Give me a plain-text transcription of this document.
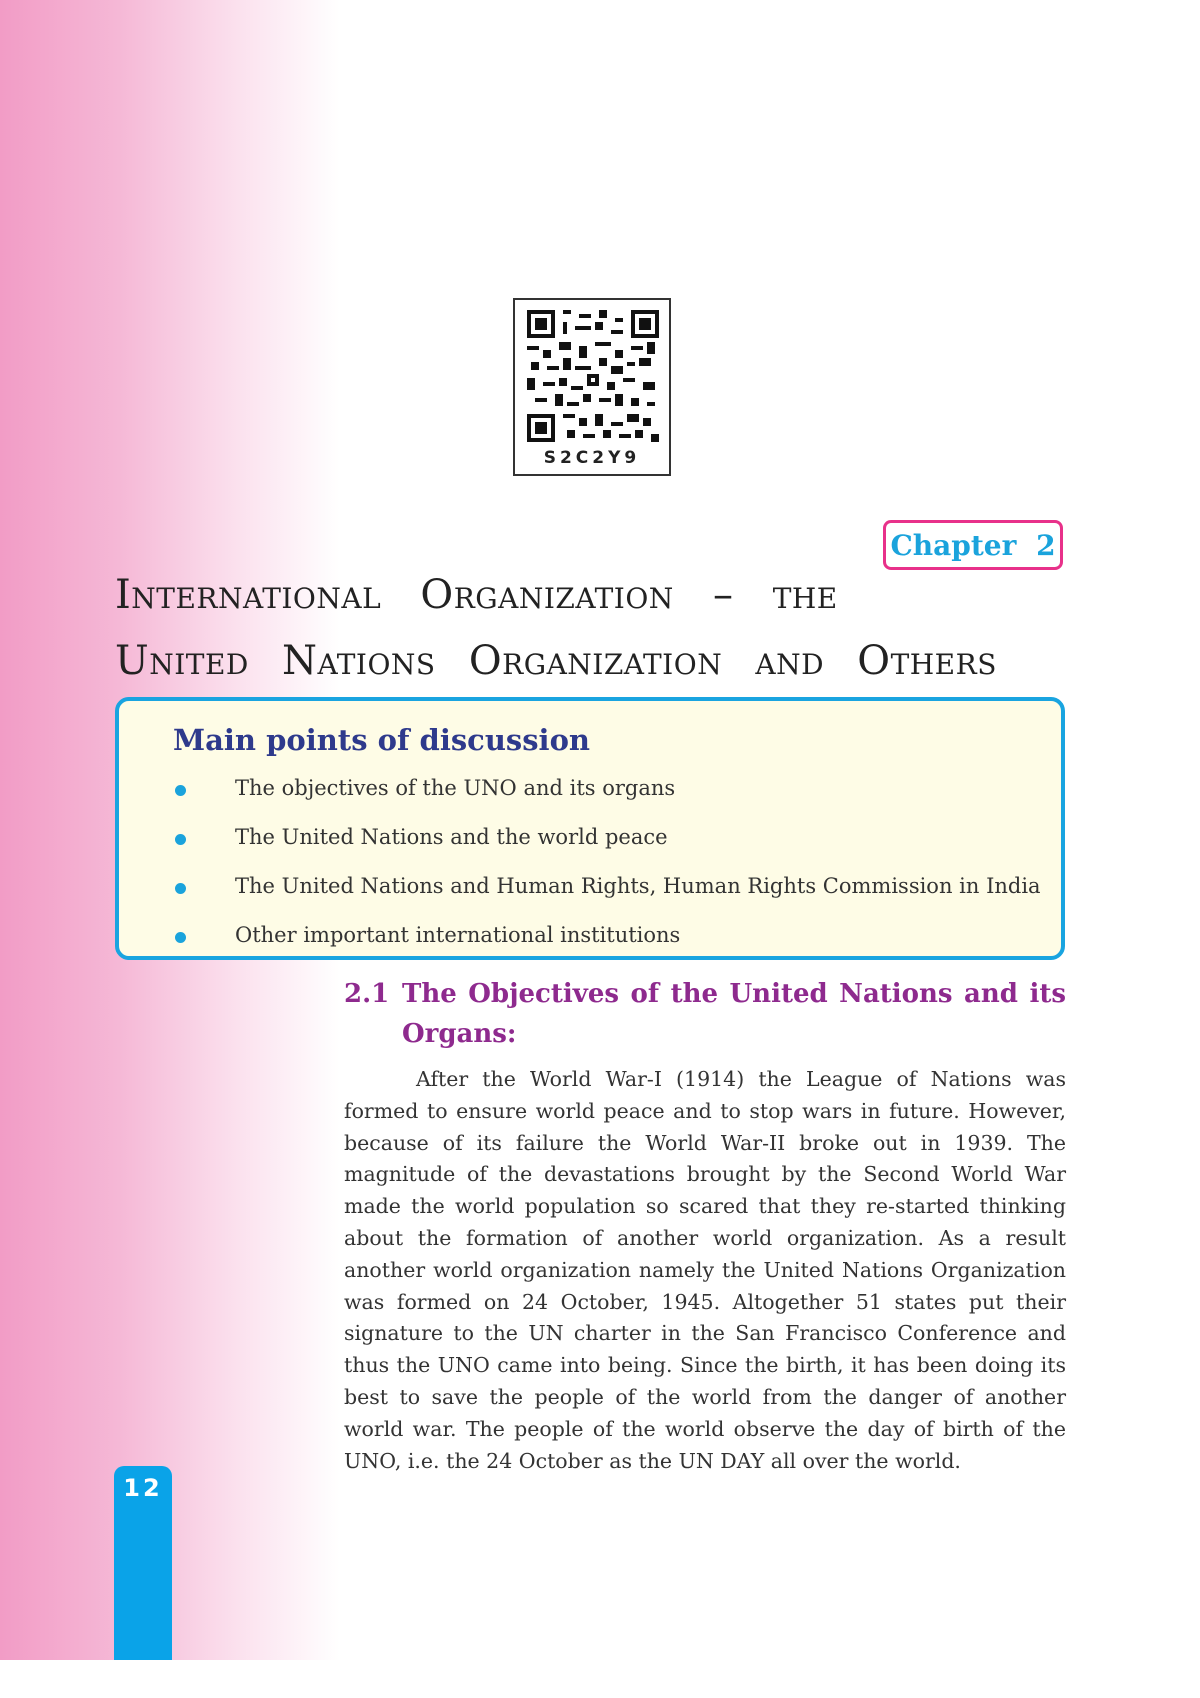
S2C2Y9
Chapter 2
International Organization – the
United Nations Organization and Others
Main points of discussion
The objectives of the UNO and its organs
The United Nations and the world peace
The United Nations and Human Rights, Human Rights Commission in India
Other important international institutions
2.1 The Objectives of the United Nations and its
Organs:

After the World War-I (1914) the League of Nations was formed to ensure world peace and to stop wars in future. However, because of its failure the World War-II broke out in 1939. The magnitude of the devastations brought by the Second World War made the world population so scared that they re-started thinking about the formation of another world organization. As a result another world organization namely the United Nations Organization was formed on 24 October, 1945. Altogether 51 states put their signature to the UN charter in the San Francisco Conference and thus the UNO came into being. Since the birth, it has been doing its best to save the people of the world from the danger of another world war. The people of the world observe the day of birth of the UNO, i.e. the 24 October as the UN DAY all over the world.

12
